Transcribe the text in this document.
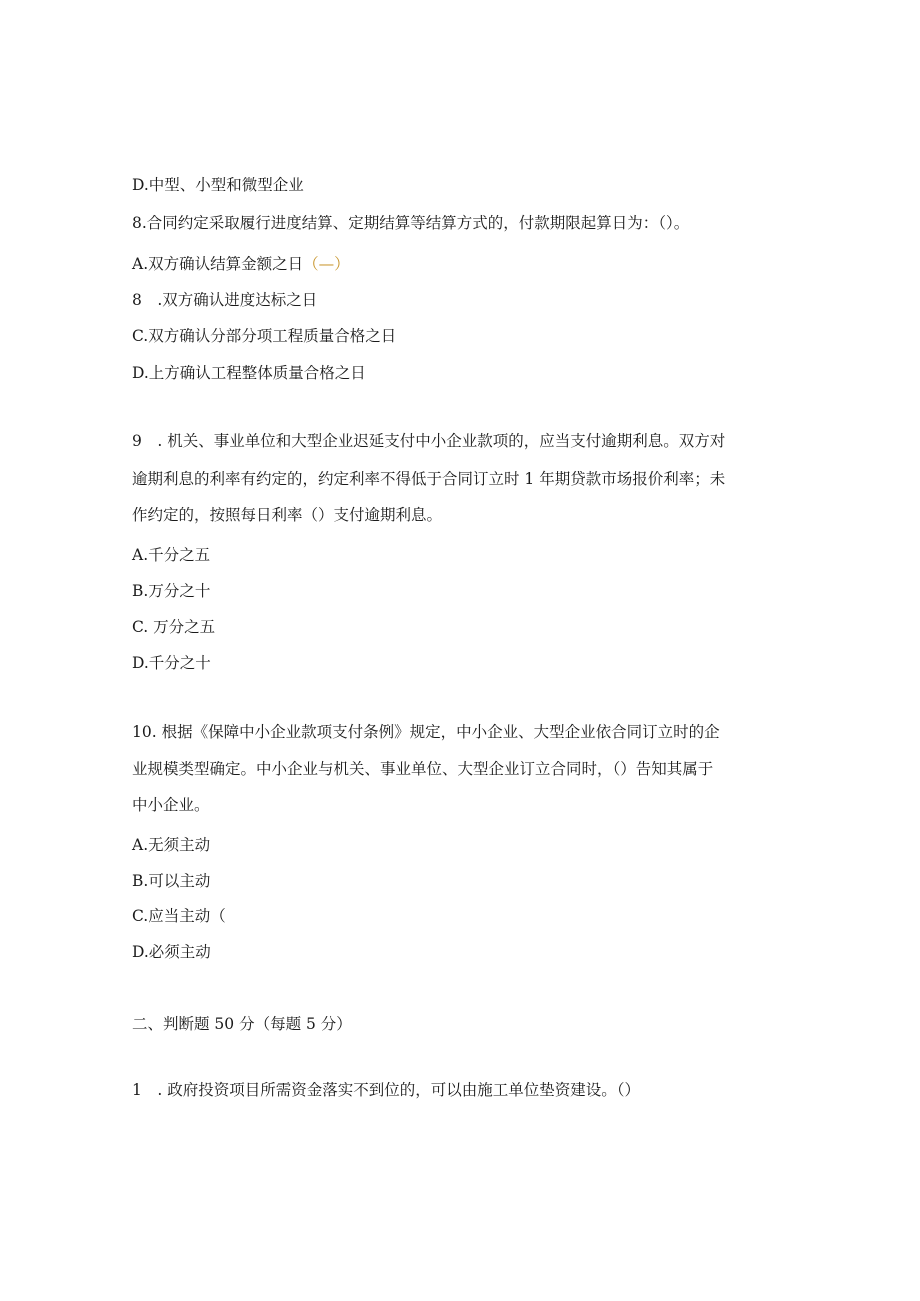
D.中型、小型和微型企业
8.合同约定采取履行进度结算、定期结算等结算方式的，付款期限起算日为：（）。
A.双方确认结算金额之日（—）
8　.双方确认进度达标之日
C.双方确认分部分项工程质量合格之日
D.上方确认工程整体质量合格之日
9　. 机关、事业单位和大型企业迟延支付中小企业款项的，应当支付逾期利息。双方对
逾期利息的利率有约定的，约定利率不得低于合同订立时 1 年期贷款市场报价利率；未
作约定的，按照每日利率（）支付逾期利息。
A.千分之五
B.万分之十
C. 万分之五
D.千分之十
10. 根据《保障中小企业款项支付条例》规定，中小企业、大型企业依合同订立时的企
业规模类型确定。中小企业与机关、事业单位、大型企业订立合同时，（）告知其属于
中小企业。
A.无须主动
B.可以主动
C.应当主动（
D.必须主动
二、判断题 50 分（每题 5 分）
1　. 政府投资项目所需资金落实不到位的，可以由施工单位垫资建设。（）
